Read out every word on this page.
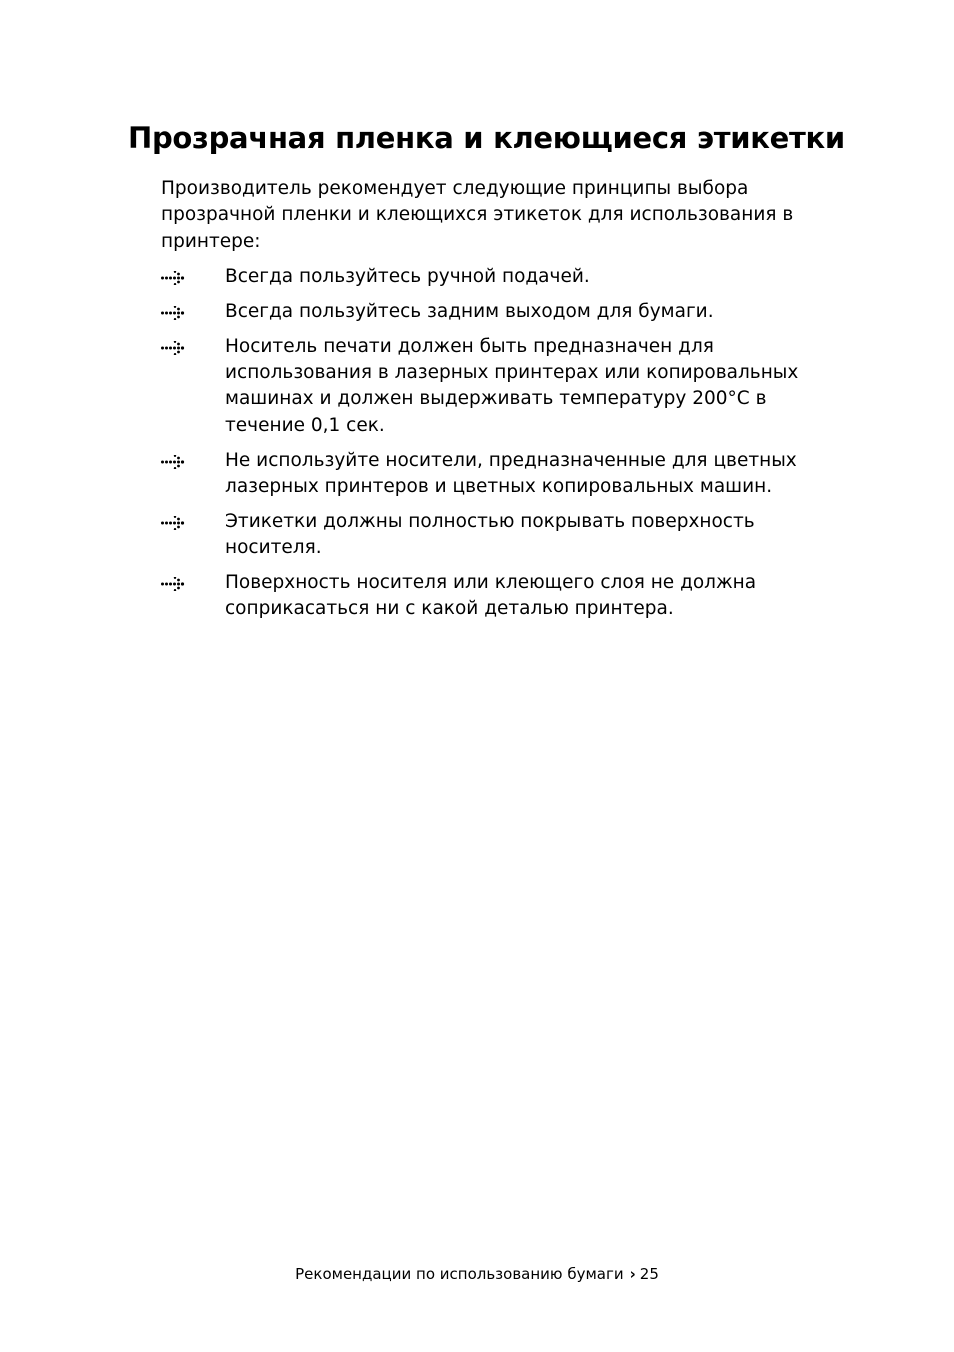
Прозрачная пленка и клеющиеся этикетки

Производитель рекомендует следующие принципы выбора прозрачной пленки и клеющихся этикеток для использования в принтере:

Всегда пользуйтесь ручной подачей.
Всегда пользуйтесь задним выходом для бумаги.
Носитель печати должен быть предназначен для использования в лазерных принтерах или копировальных машинах и должен выдерживать температуру 200°C в течение 0,1 сек.
Не используйте носители, предназначенные для цветных лазерных принтеров и цветных копировальных машин.
Этикетки должны полностью покрывать поверхность носителя.
Поверхность носителя или клеющего слоя не должна соприкасаться ни с какой деталью принтера.
Рекомендации по использованию бумаги › 25
